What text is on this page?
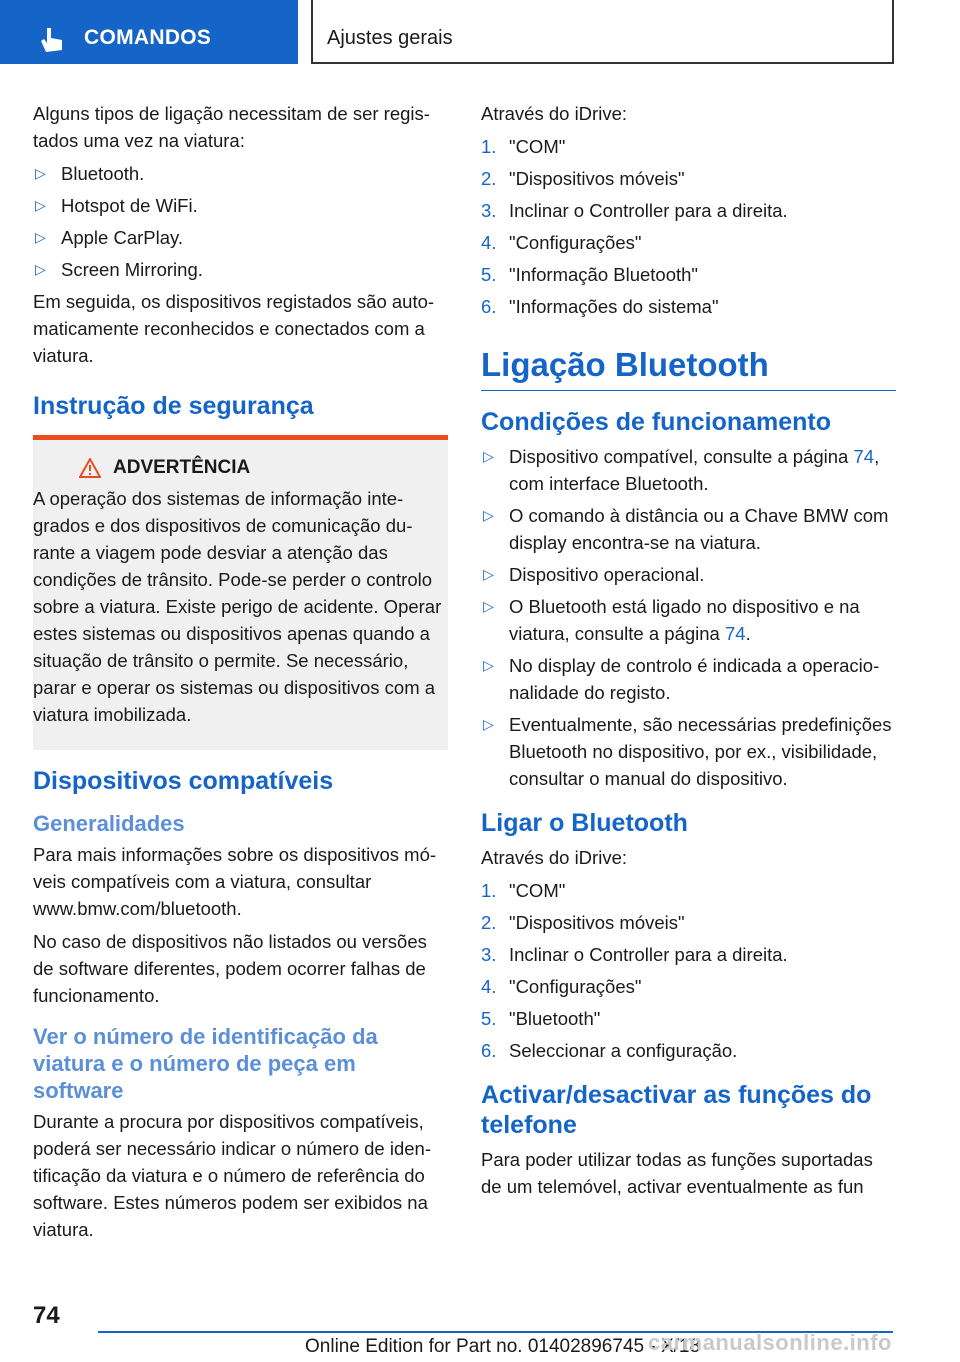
COMANDOS	Ajustes gerais

Alguns tipos de ligação necessitam de ser registados uma vez na viatura:

▷ Bluetooth.
▷ Hotspot de WiFi.
▷ Apple CarPlay.
▷ Screen Mirroring.

Em seguida, os dispositivos registados são automaticamente reconhecidos e conectados com a viatura.

Instrução de segurança
ADVERTÊNCIA

A operação dos sistemas de informação integrados e dos dispositivos de comunicação durante a viagem pode desviar a atenção das condições de trânsito. Pode-se perder o controlo sobre a viatura. Existe perigo de acidente. Operar estes sistemas ou dispositivos apenas quando a situação de trânsito o permite. Se necessário, parar e operar os sistemas ou dispositivos com a viatura imobilizada.

Dispositivos compatíveis
Generalidades

Para mais informações sobre os dispositivos móveis compatíveis com a viatura, consultar www.bmw.com/bluetooth.

No caso de dispositivos não listados ou versões de software diferentes, podem ocorrer falhas de funcionamento.

Ver o número de identificação da viatura e o número de peça em software

Durante a procura por dispositivos compatíveis, poderá ser necessário indicar o número de identificação da viatura e o número de referência do software. Estes números podem ser exibidos na viatura.

Através do iDrive:

1. "COM"
2. "Dispositivos móveis"
3. Inclinar o Controller para a direita.
4. "Configurações"
5. "Informação Bluetooth"
6. "Informações do sistema"
Ligação Bluetooth
Condições de funcionamento
▷ Dispositivo compatível, consulte a página 74, com interface Bluetooth.
▷ O comando à distância ou a Chave BMW com display encontra-se na viatura.
▷ Dispositivo operacional.
▷ O Bluetooth está ligado no dispositivo e na viatura, consulte a página 74.
▷ No display de controlo é indicada a operacionalidade do registo.
▷ Eventualmente, são necessárias predefinições Bluetooth no dispositivo, por ex., visibilidade, consultar o manual do dispositivo.
Ligar o Bluetooth

Através do iDrive:

1. "COM"
2. "Dispositivos móveis"
3. Inclinar o Controller para a direita.
4. "Configurações"
5. "Bluetooth"
6. Seleccionar a configuração.
Activar/desactivar as funções do telefone

Para poder utilizar todas as funções suportadas de um telemóvel, activar eventualmente as fun

74
Online Edition for Part no. 01402896745 - X/18
carmanualsonline.info
